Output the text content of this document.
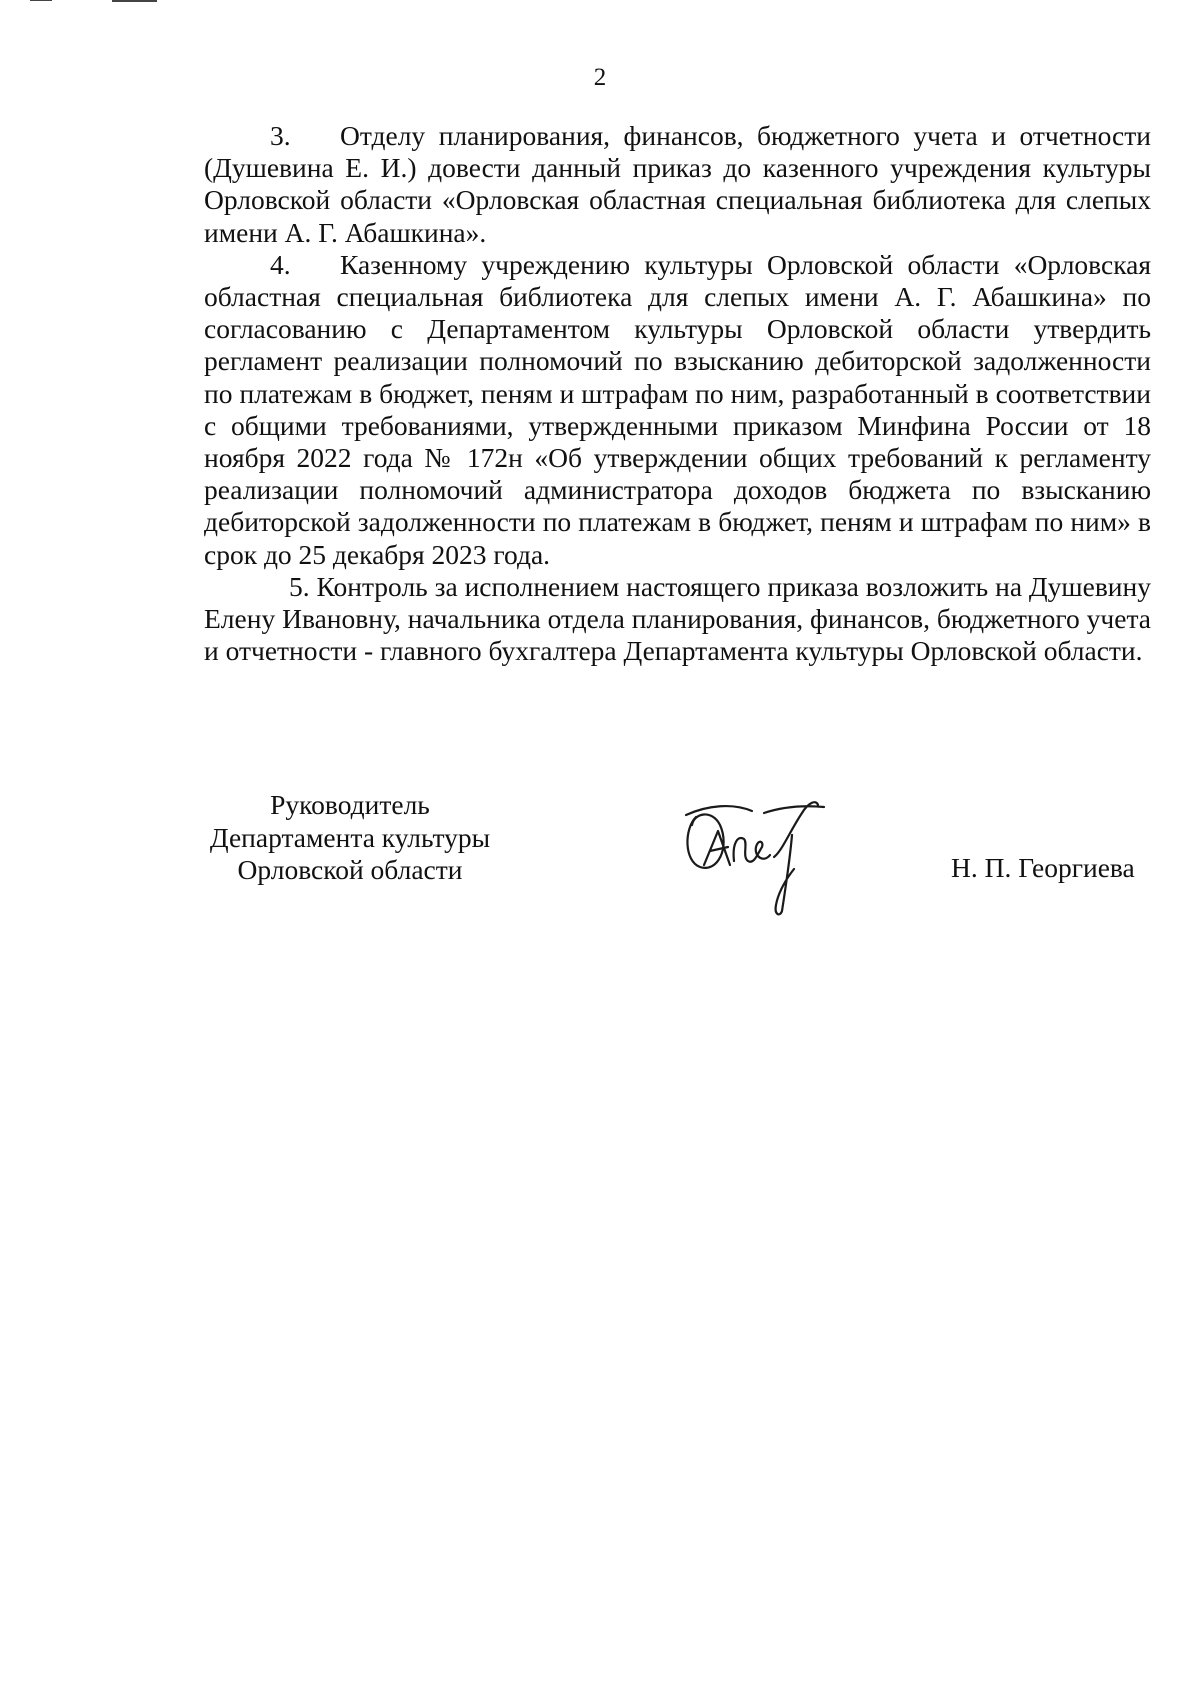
2

3. Отделу планирования, финансов, бюджетного учета и отчетности (Душевина Е. И.) довести данный приказ до казенного учреждения культуры Орловской области «Орловская областная специальная библиотека для слепых имени А. Г. Абашкина».

4. Казенному учреждению культуры Орловской области «Орловская областная специальная библиотека для слепых имени А. Г. Абашкина» по согласованию с Департаментом культуры Орловской области утвердить регламент реализации полномочий по взысканию дебиторской задолженности по платежам в бюджет, пеням и штрафам по ним, разработанный в соответствии с общими требованиями, утвержденными приказом Минфина России от 18 ноября 2022 года № 172н «Об утверждении общих требований к регламенту реализации полномочий администратора доходов бюджета по взысканию дебиторской задолженности по платежам в бюджет, пеням и штрафам по ним» в срок до 25 декабря 2023 года.

5. Контроль за исполнением настоящего приказа возложить на Душевину Елену Ивановну, начальника отдела планирования, финансов, бюджетного учета и отчетности - главного бухгалтера Департамента культуры Орловской области.

Руководитель
Департамента культуры
Орловской области	Н. П. Георгиева
